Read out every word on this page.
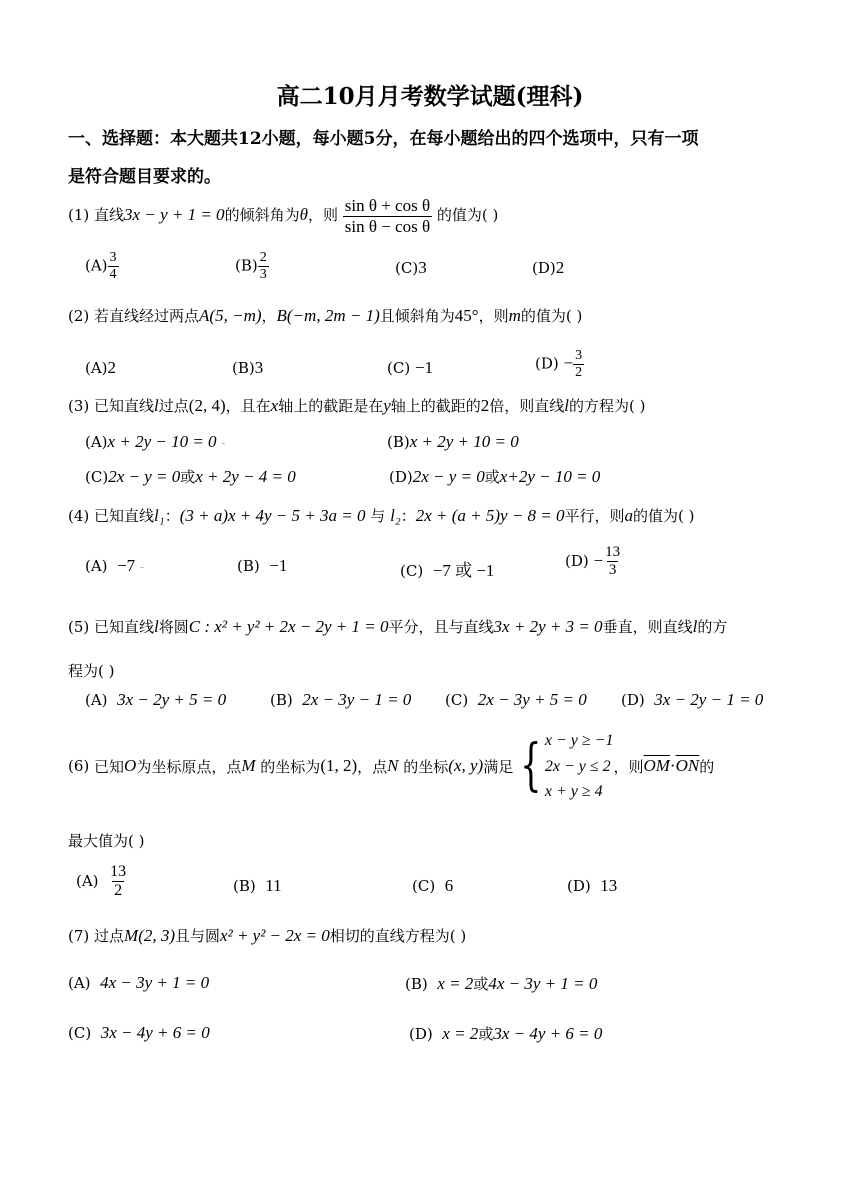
高二10月月考数学试题(理科)
一、选择题：本大题共12小题，每小题5分，在每小题给出的四个选项中，只有一项
是符合题目要求的。
(1) 直线3x − y + 1 = 0的倾斜角为θ，则 $\frac{\text{sin θ + cos θ}}{\text{sin θ − cos θ}}$ 的值为( )
$(A) \frac{3}{4}$	$(B) \frac{2}{3}$	(C)3	(D)2
(2) 若直线经过两点A(5, −m)，B(−m, 2m − 1)且倾斜角为45°，则m的值为( )
(A)2	(B)3	(C) −1	$(D) - \frac{3}{2}$
(3) 已知直线l过点(2, 4)，且在x轴上的截距是在y轴上的截距的2倍，则直线l的方程为( )
(A)x + 2y − 10 = 0 -	(B)x + 2y + 10 = 0
(C)2x − y = 0或x + 2y − 4 = 0	(D)2x − y = 0或x+2y − 10 = 0
(4) 已知直线l₁：(3 + a)x + 4y − 5 + 3a = 0 与 l₂：2x + (a + 5)y − 8 = 0平行，则a的值为( )
(A) −7 -	(B) −1	(C) −7 或 −1
$(D) - \frac{13}{3}$
(5) 已知直线l将圆C : x² + y² + 2x − 2y + 1 = 0平分，且与直线3x + 2y + 3 = 0垂直，则直线l的方
程为( )
(A) 3x − 2y + 5 = 0	(B) 2x − 3y − 1 = 0 (C) 2x − 3y + 5 = 0 (D) 3x − 2y − 1 = 0
(6)
已知 O 为坐标原点，点 M
的坐标为 (1, 2) ，点 N
的坐标 (x, y) 满足 { x − y ≥ −1
2x − y ≤ 2
x + y ≥ 4
，则 $\overline{OM} \cdot \overline{ON}$ 的
最大值为( )
$(A) \frac{13}{2}$	(B) 11	(C) 6	(D) 13
(7) 过点M(2, 3)且与圆x² + y² − 2x = 0相切的直线方程为( )
(A) 4x − 3y + 1 = 0	(B) x = 2或4x − 3y + 1 = 0
(C) 3x − 4y + 6 = 0	(D) x = 2或3x − 4y + 6 = 0
